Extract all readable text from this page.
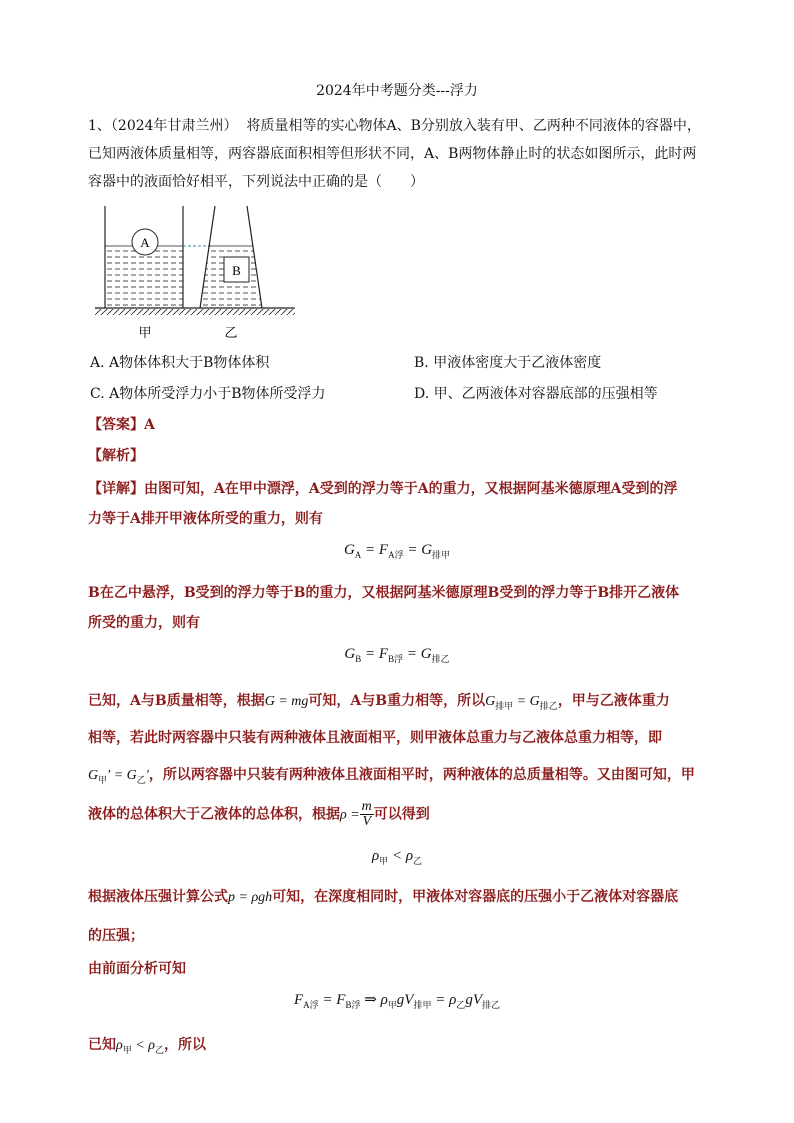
2024年中考题分类---浮力
1、（2024年甘肃兰州） 将质量相等的实心物体A、B分别放入装有甲、乙两种不同液体的容器中，已知两液体质量相等，两容器底面积相等但形状不同，A、B两物体静止时的状态如图所示，此时两容器中的液面恰好相平，下列说法中正确的是（　　）
A
B
甲	乙
A. A物体体积大于B物体体积	B. 甲液体密度大于乙液体密度
C. A物体所受浮力小于B物体所受浮力	D. 甲、乙两液体对容器底部的压强相等
【答案】A
【解析】
【详解】由图可知，A在甲中漂浮，A受到的浮力等于A的重力，又根据阿基米德原理A受到的浮
力等于A排开甲液体所受的重力，则有
$G_A = F_{A浮} = G_{排甲}$
B在乙中悬浮，B受到的浮力等于B的重力，又根据阿基米德原理B受到的浮力等于B排开乙液体
所受的重力，则有
$G_B = F_{B浮} = G_{排乙}$
已知，A与B质量相等，根据G = mg可知，A与B重力相等，所以$G_{排甲} = G_{排乙}$，甲与乙液体重力
相等，若此时两容器中只装有两种液体且液面相平，则甲液体总重力与乙液体总重力相等，即
$G_甲' = G_乙'$，所以两容器中只装有两种液体且液面相平时，两种液体的总质量相等。又由图可知，甲
液体的总体积大于乙液体的总体积，根据$\rho = \frac{m}{V}$ 可以得到
$\rho_甲 < \rho_乙$
根据液体压强计算公式p = ρgh可知，在深度相同时，甲液体对容器底的压强小于乙液体对容器底
的压强；
由前面分析可知
$F_{A浮} = F_{B浮}$ ⇒ $\rho_甲gV_{排甲} = \rho_乙gV_{排乙}$
已知$\rho_甲 < \rho_乙$，所以
